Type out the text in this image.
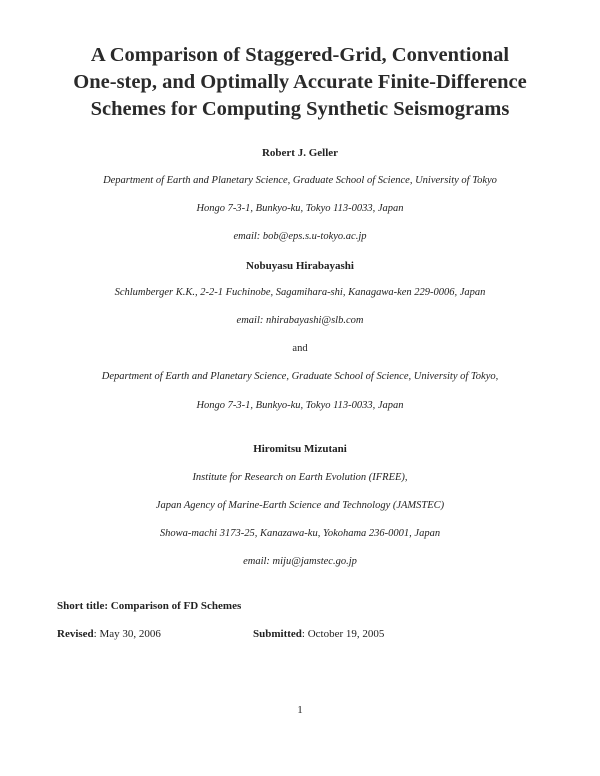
A Comparison of Staggered-Grid, Conventional
One-step, and Optimally Accurate Finite-Difference
Schemes for Computing Synthetic Seismograms
Robert J. Geller
Department of Earth and Planetary Science, Graduate School of Science, University of Tokyo
Hongo 7-3-1, Bunkyo-ku, Tokyo 113-0033, Japan
email: bob@eps.s.u-tokyo.ac.jp
Nobuyasu Hirabayashi
Schlumberger K.K., 2-2-1 Fuchinobe, Sagamihara-shi, Kanagawa-ken 229-0006, Japan
email: nhirabayashi@slb.com
and
Department of Earth and Planetary Science, Graduate School of Science, University of Tokyo,
Hongo 7-3-1, Bunkyo-ku, Tokyo 113-0033, Japan
Hiromitsu Mizutani
Institute for Research on Earth Evolution (IFREE),
Japan Agency of Marine-Earth Science and Technology (JAMSTEC)
Showa-machi 3173-25, Kanazawa-ku, Yokohama 236-0001, Japan
email: miju@jamstec.go.jp
Short title: Comparison of FD Schemes
Revised: May 30, 2006	Submitted: October 19, 2005
1
